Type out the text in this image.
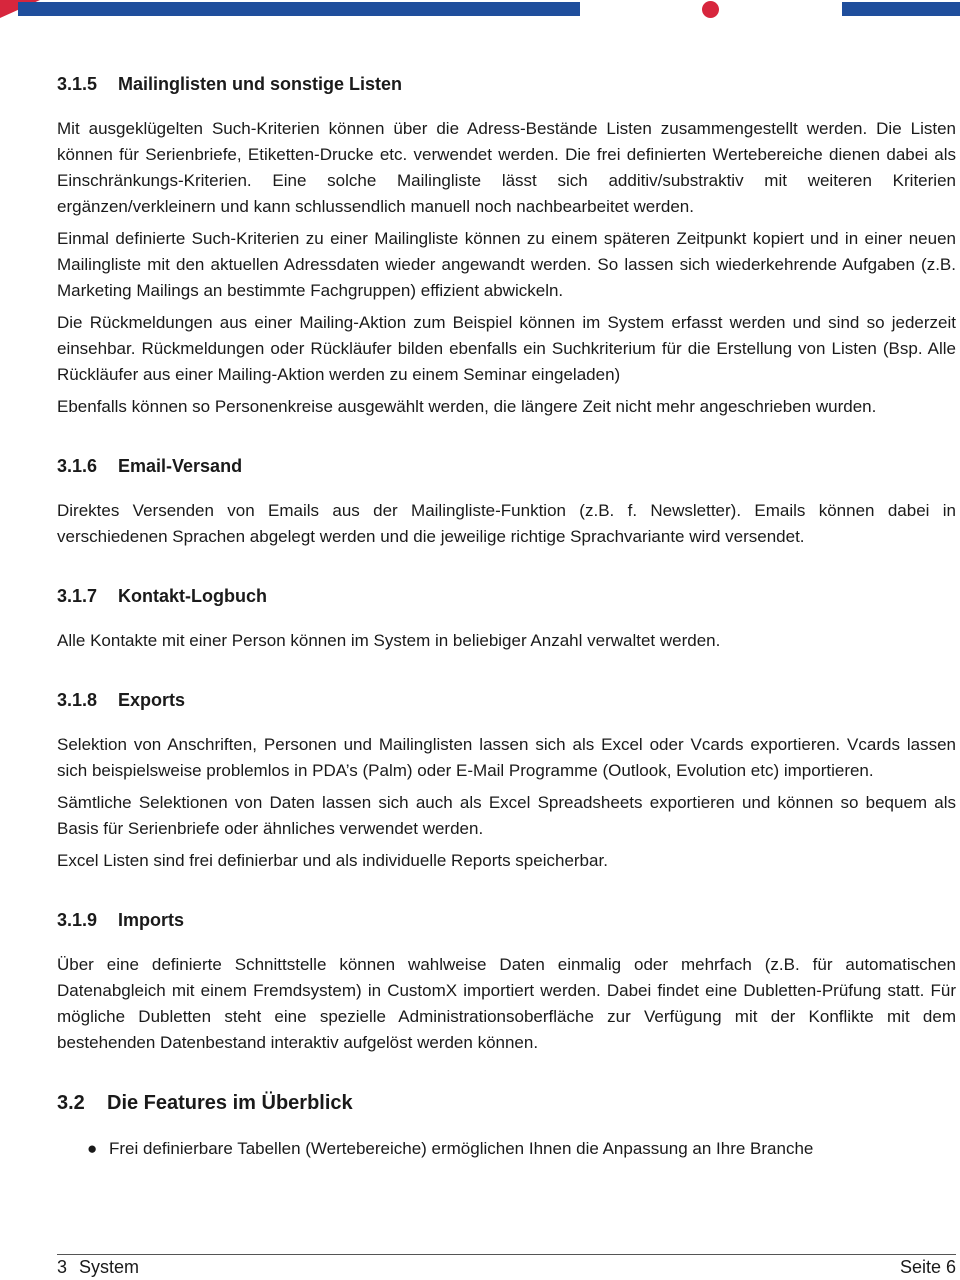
3.1.5 Mailinglisten und sonstige Listen

Mit ausgeklügelten Such-Kriterien können über die Adress-Bestände Listen zusammengestellt werden. Die Listen können für Serienbriefe, Etiketten-Drucke etc. verwendet werden. Die frei definierten Wertebereiche dienen dabei als Einschränkungs-Kriterien. Eine solche Mailingliste lässt sich additiv/substraktiv mit weiteren Kriterien ergänzen/verkleinern und kann schlussendlich manuell noch nachbearbeitet werden.

Einmal definierte Such-Kriterien zu einer Mailingliste können zu einem späteren Zeitpunkt kopiert und in einer neuen Mailingliste mit den aktuellen Adressdaten wieder angewandt werden. So lassen sich wiederkehrende Aufgaben (z.B. Marketing Mailings an bestimmte Fachgruppen) effizient abwickeln.

Die Rückmeldungen aus einer Mailing-Aktion zum Beispiel können im System erfasst werden und sind so jederzeit einsehbar. Rückmeldungen oder Rückläufer bilden ebenfalls ein Suchkriterium für die Erstellung von Listen (Bsp. Alle Rückläufer aus einer Mailing-Aktion werden zu einem Seminar eingeladen)

Ebenfalls können so Personenkreise ausgewählt werden, die längere Zeit nicht mehr angeschrieben wurden.

3.1.6 Email-Versand

Direktes Versenden von Emails aus der Mailingliste-Funktion (z.B. f. Newsletter). Emails können dabei in verschiedenen Sprachen abgelegt werden und die jeweilige richtige Sprachvariante wird versendet.

3.1.7 Kontakt-Logbuch

Alle Kontakte mit einer Person können im System in beliebiger Anzahl verwaltet werden.

3.1.8 Exports

Selektion von Anschriften, Personen und Mailinglisten lassen sich als Excel oder Vcards exportieren. Vcards lassen sich beispielsweise problemlos in PDA’s (Palm) oder E-Mail Programme (Outlook, Evolution etc) importieren.

Sämtliche Selektionen von Daten lassen sich auch als Excel Spreadsheets exportieren und können so bequem als Basis für Serienbriefe oder ähnliches verwendet werden.

Excel Listen sind frei definierbar und als individuelle Reports speicherbar.

3.1.9 Imports

Über eine definierte Schnittstelle können wahlweise Daten einmalig oder mehrfach (z.B. für automatischen Datenabgleich mit einem Fremdsystem) in CustomX importiert werden. Dabei findet eine Dubletten-Prüfung statt. Für mögliche Dubletten steht eine spezielle Administrationsoberfläche zur Verfügung mit der Konflikte mit dem bestehenden Datenbestand interaktiv aufgelöst werden können.

3.2 Die Features im Überblick
● Frei definierbare Tabellen (Wertebereiche) ermöglichen Ihnen die Anpassung an Ihre Branche
3 System	Seite 6
